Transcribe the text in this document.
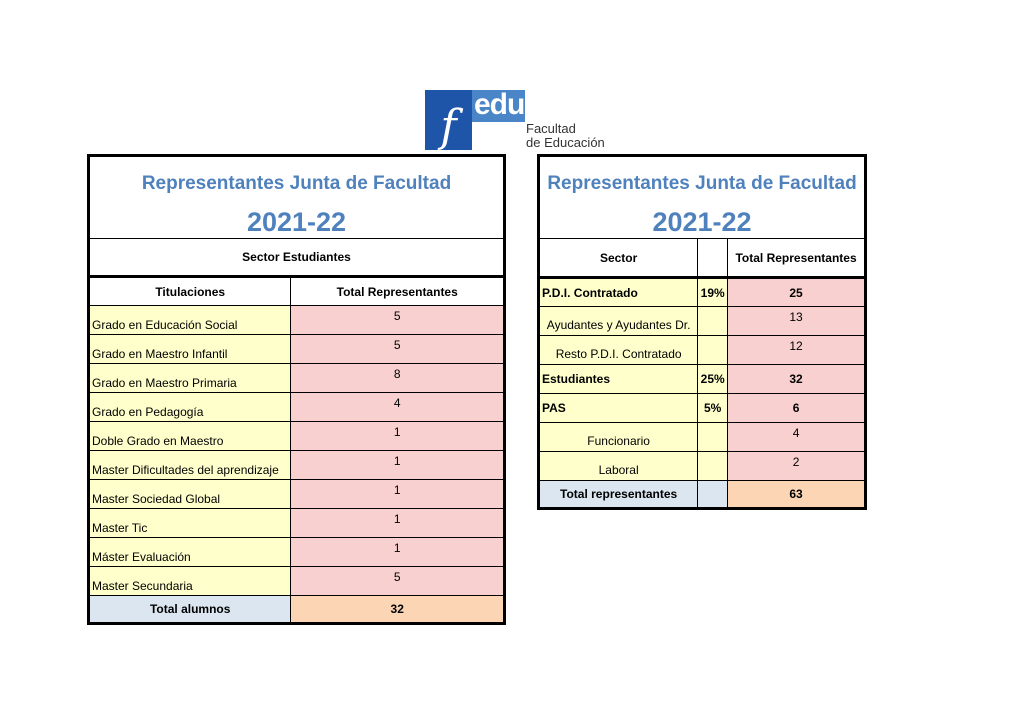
f edu
Facultad
de Educación
Representantes Junta de Facultad
2021-22	

Sector Estudiantes	
Titulaciones	Total Representantes
Grado en Educación Social	5
Grado en Maestro Infantil	5
Grado en Maestro Primaria	8
Grado en Pedagogía	4
Doble Grado en Maestro	1
Master Dificultades del aprendizaje	1
Master Sociedad Global	1
Master Tic	1
Máster Evaluación	1
Master Secundaria	5
Total alumnos	32
Representantes Junta de Facultad
2021-22		

Sector		Total Representantes
P.D.I. Contratado	19%	25
Ayudantes y Ayudantes Dr.		13
Resto P.D.I. Contratado		12
Estudiantes	25%	32
PAS	5%	6
Funcionario		4
Laboral		2
Total representantes		63
